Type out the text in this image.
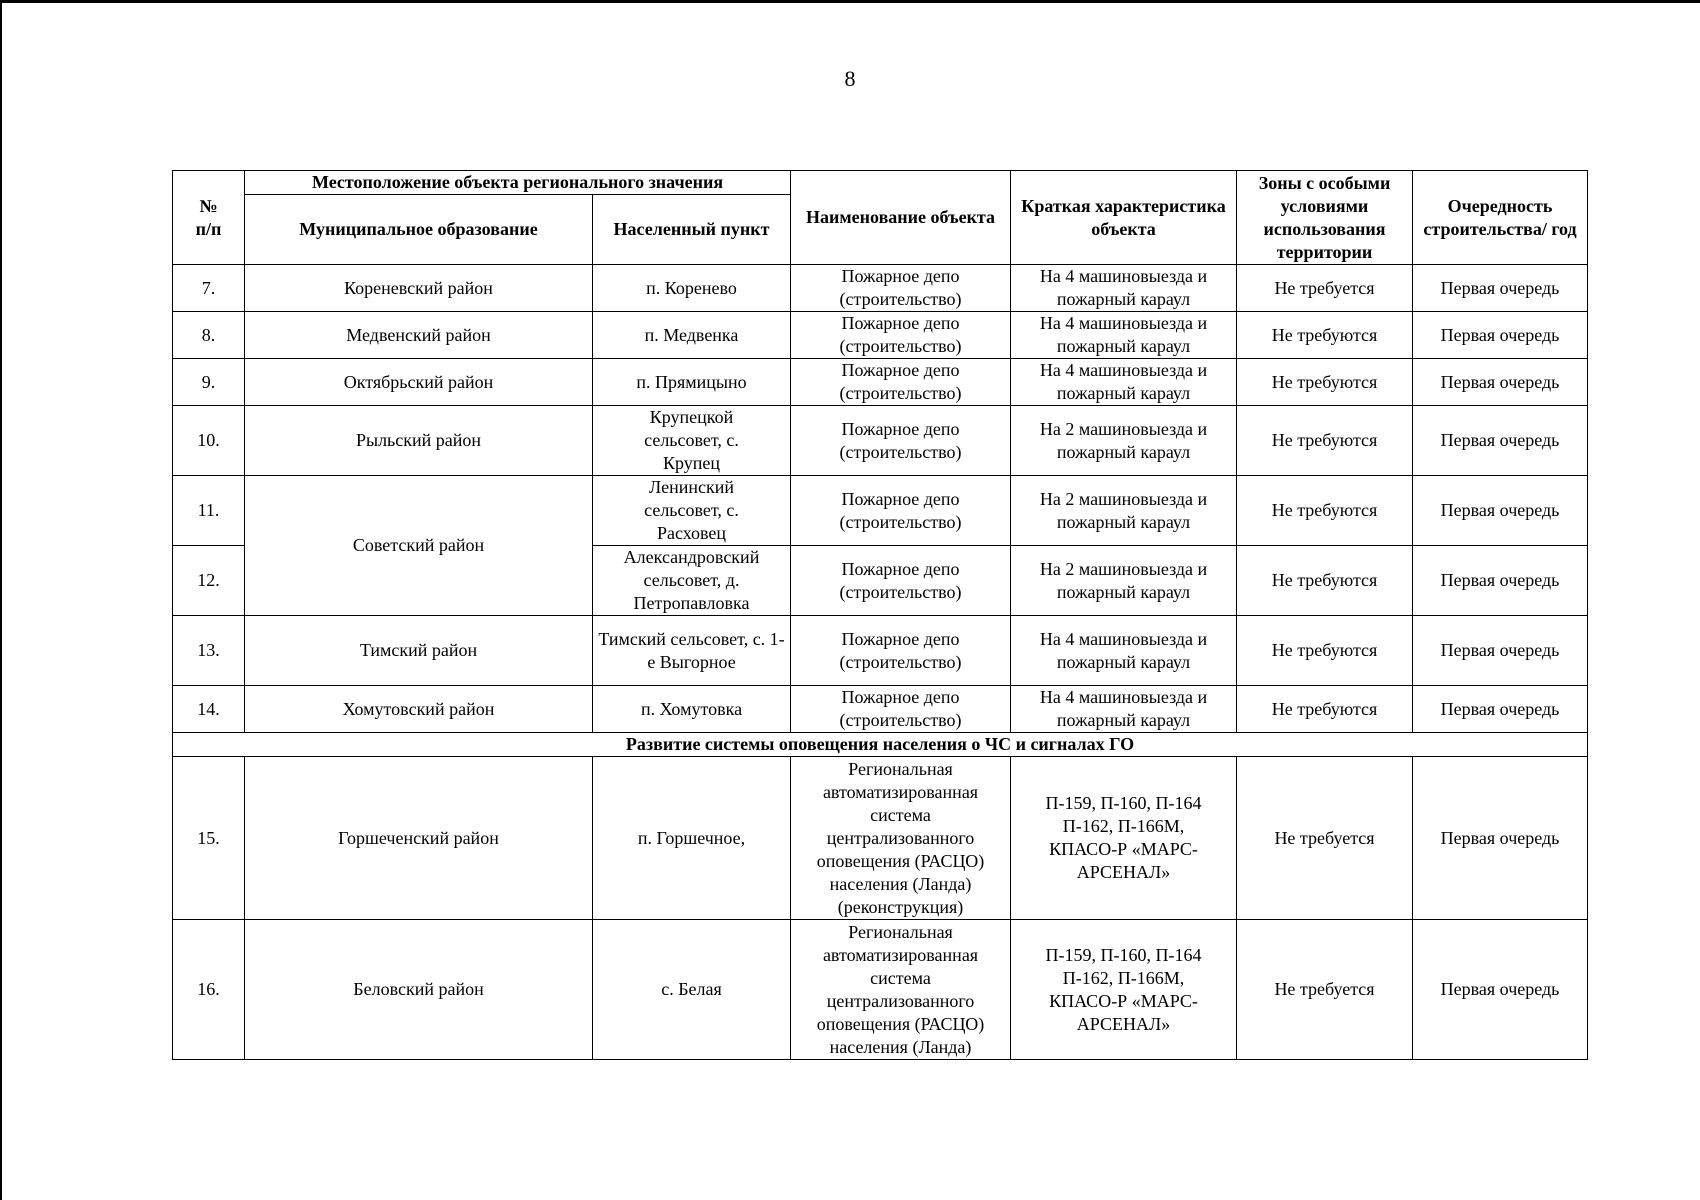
8
№
п/п	Местоположение объекта регионального значения		Наименование объекта	Краткая характеристика объекта	Зоны с особыми условиями использования территории	Очередность строительства/ год
	Муниципальное образование	Населенный пункт				
7.	Кореневский район	п. Коренево	Пожарное депо (строительство)	На 4 машиновыезда и пожарный караул	Не требуется	Первая очередь
8.	Медвенский район	п. Медвенка	Пожарное депо (строительство)	На 4 машиновыезда и пожарный караул	Не требуются	Первая очередь
9.	Октябрьский район	п. Прямицыно	Пожарное депо (строительство)	На 4 машиновыезда и пожарный караул	Не требуются	Первая очередь
10.	Рыльский район	Крупецкой сельсовет, с. Крупец	Пожарное депо (строительство)	На 2 машиновыезда и пожарный караул	Не требуются	Первая очередь
11.	Советский район	Ленинский сельсовет, с. Расховец	Пожарное депо (строительство)	На 2 машиновыезда и пожарный караул	Не требуются	Первая очередь
12.		Александровский сельсовет, д. Петропавловка	Пожарное депо (строительство)	На 2 машиновыезда и пожарный караул	Не требуются	Первая очередь
13.	Тимский район	Тимский сельсовет, с. 1-е Выгорное	Пожарное депо (строительство)	На 4 машиновыезда и пожарный караул	Не требуются	Первая очередь
14.	Хомутовский район	п. Хомутовка	Пожарное депо (строительство)	На 4 машиновыезда и пожарный караул	Не требуются	Первая очередь
Развитие системы оповещения населения о ЧС и сигналах ГО						
15.	Горшеченский район	п. Горшечное,	Региональная автоматизированная система централизованного оповещения (РАСЦО) населения (Ланда) (реконструкция)	П-159, П-160, П-164 П-162, П-166М, КПАСО-Р «МАРС-АРСЕНАЛ»	Не требуется	Первая очередь
16.	Беловский район	с. Белая	Региональная автоматизированная система централизованного оповещения (РАСЦО) населения (Ланда)	П-159, П-160, П-164 П-162, П-166М, КПАСО-Р «МАРС-АРСЕНАЛ»	Не требуется	Первая очередь
